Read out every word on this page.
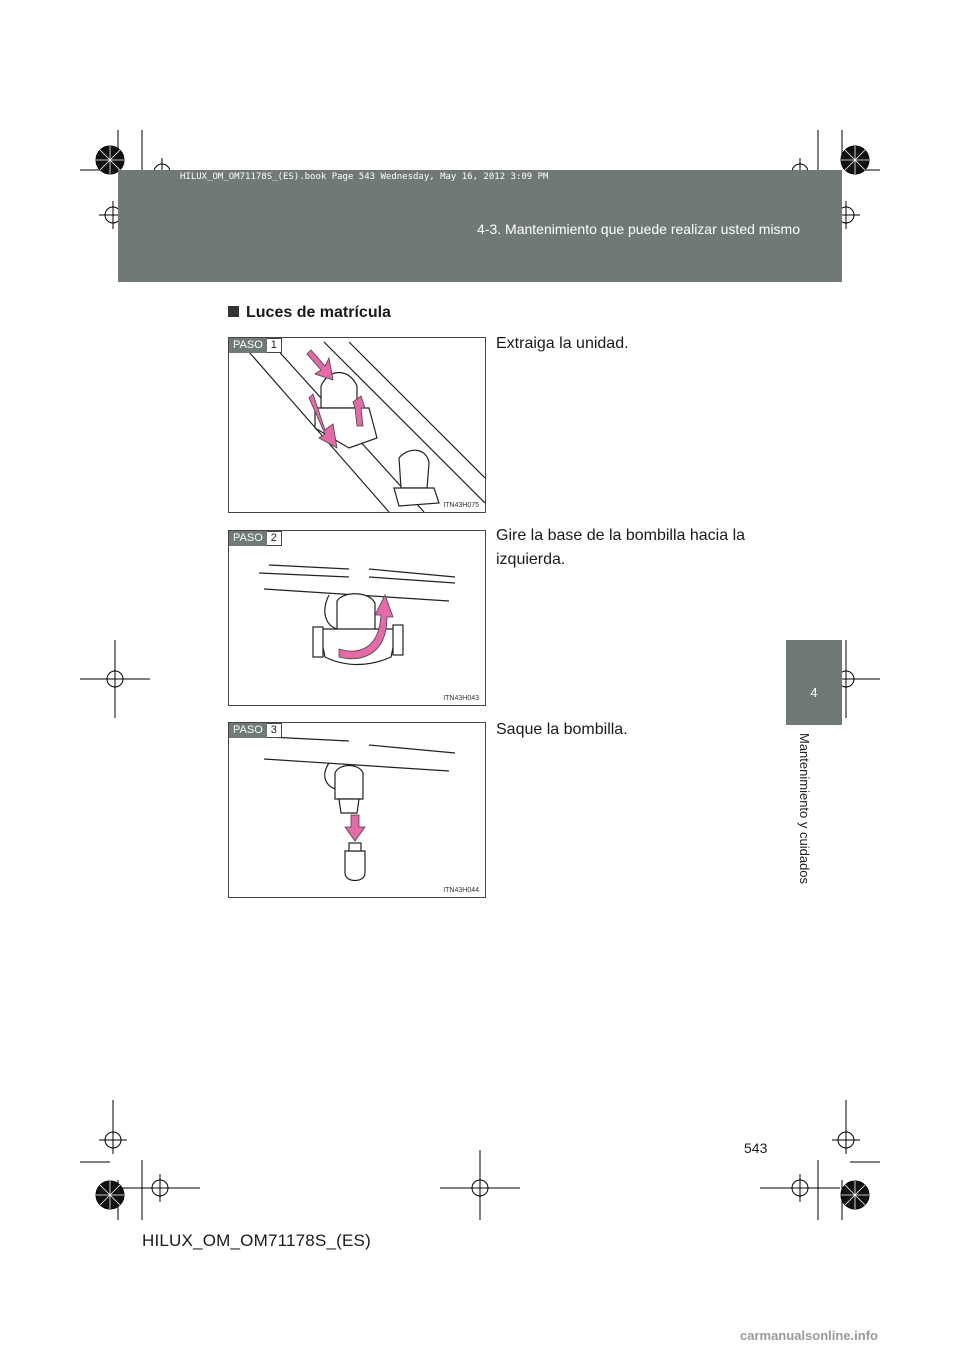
HILUX_OM_OM71178S_(ES).book Page 543 Wednesday, May 16, 2012 3:09 PM
4-3. Mantenimiento que puede realizar usted mismo
4
Mantenimiento y cuidados
Luces de matrícula
PASO 1
ITN43H075
Extraiga la unidad.
PASO 2
ITN43H043
Gire la base de la bombilla hacia la izquierda.
PASO 3
ITN43H044
Saque la bombilla.
543
HILUX_OM_OM71178S_(ES)
carmanualsonline.info
